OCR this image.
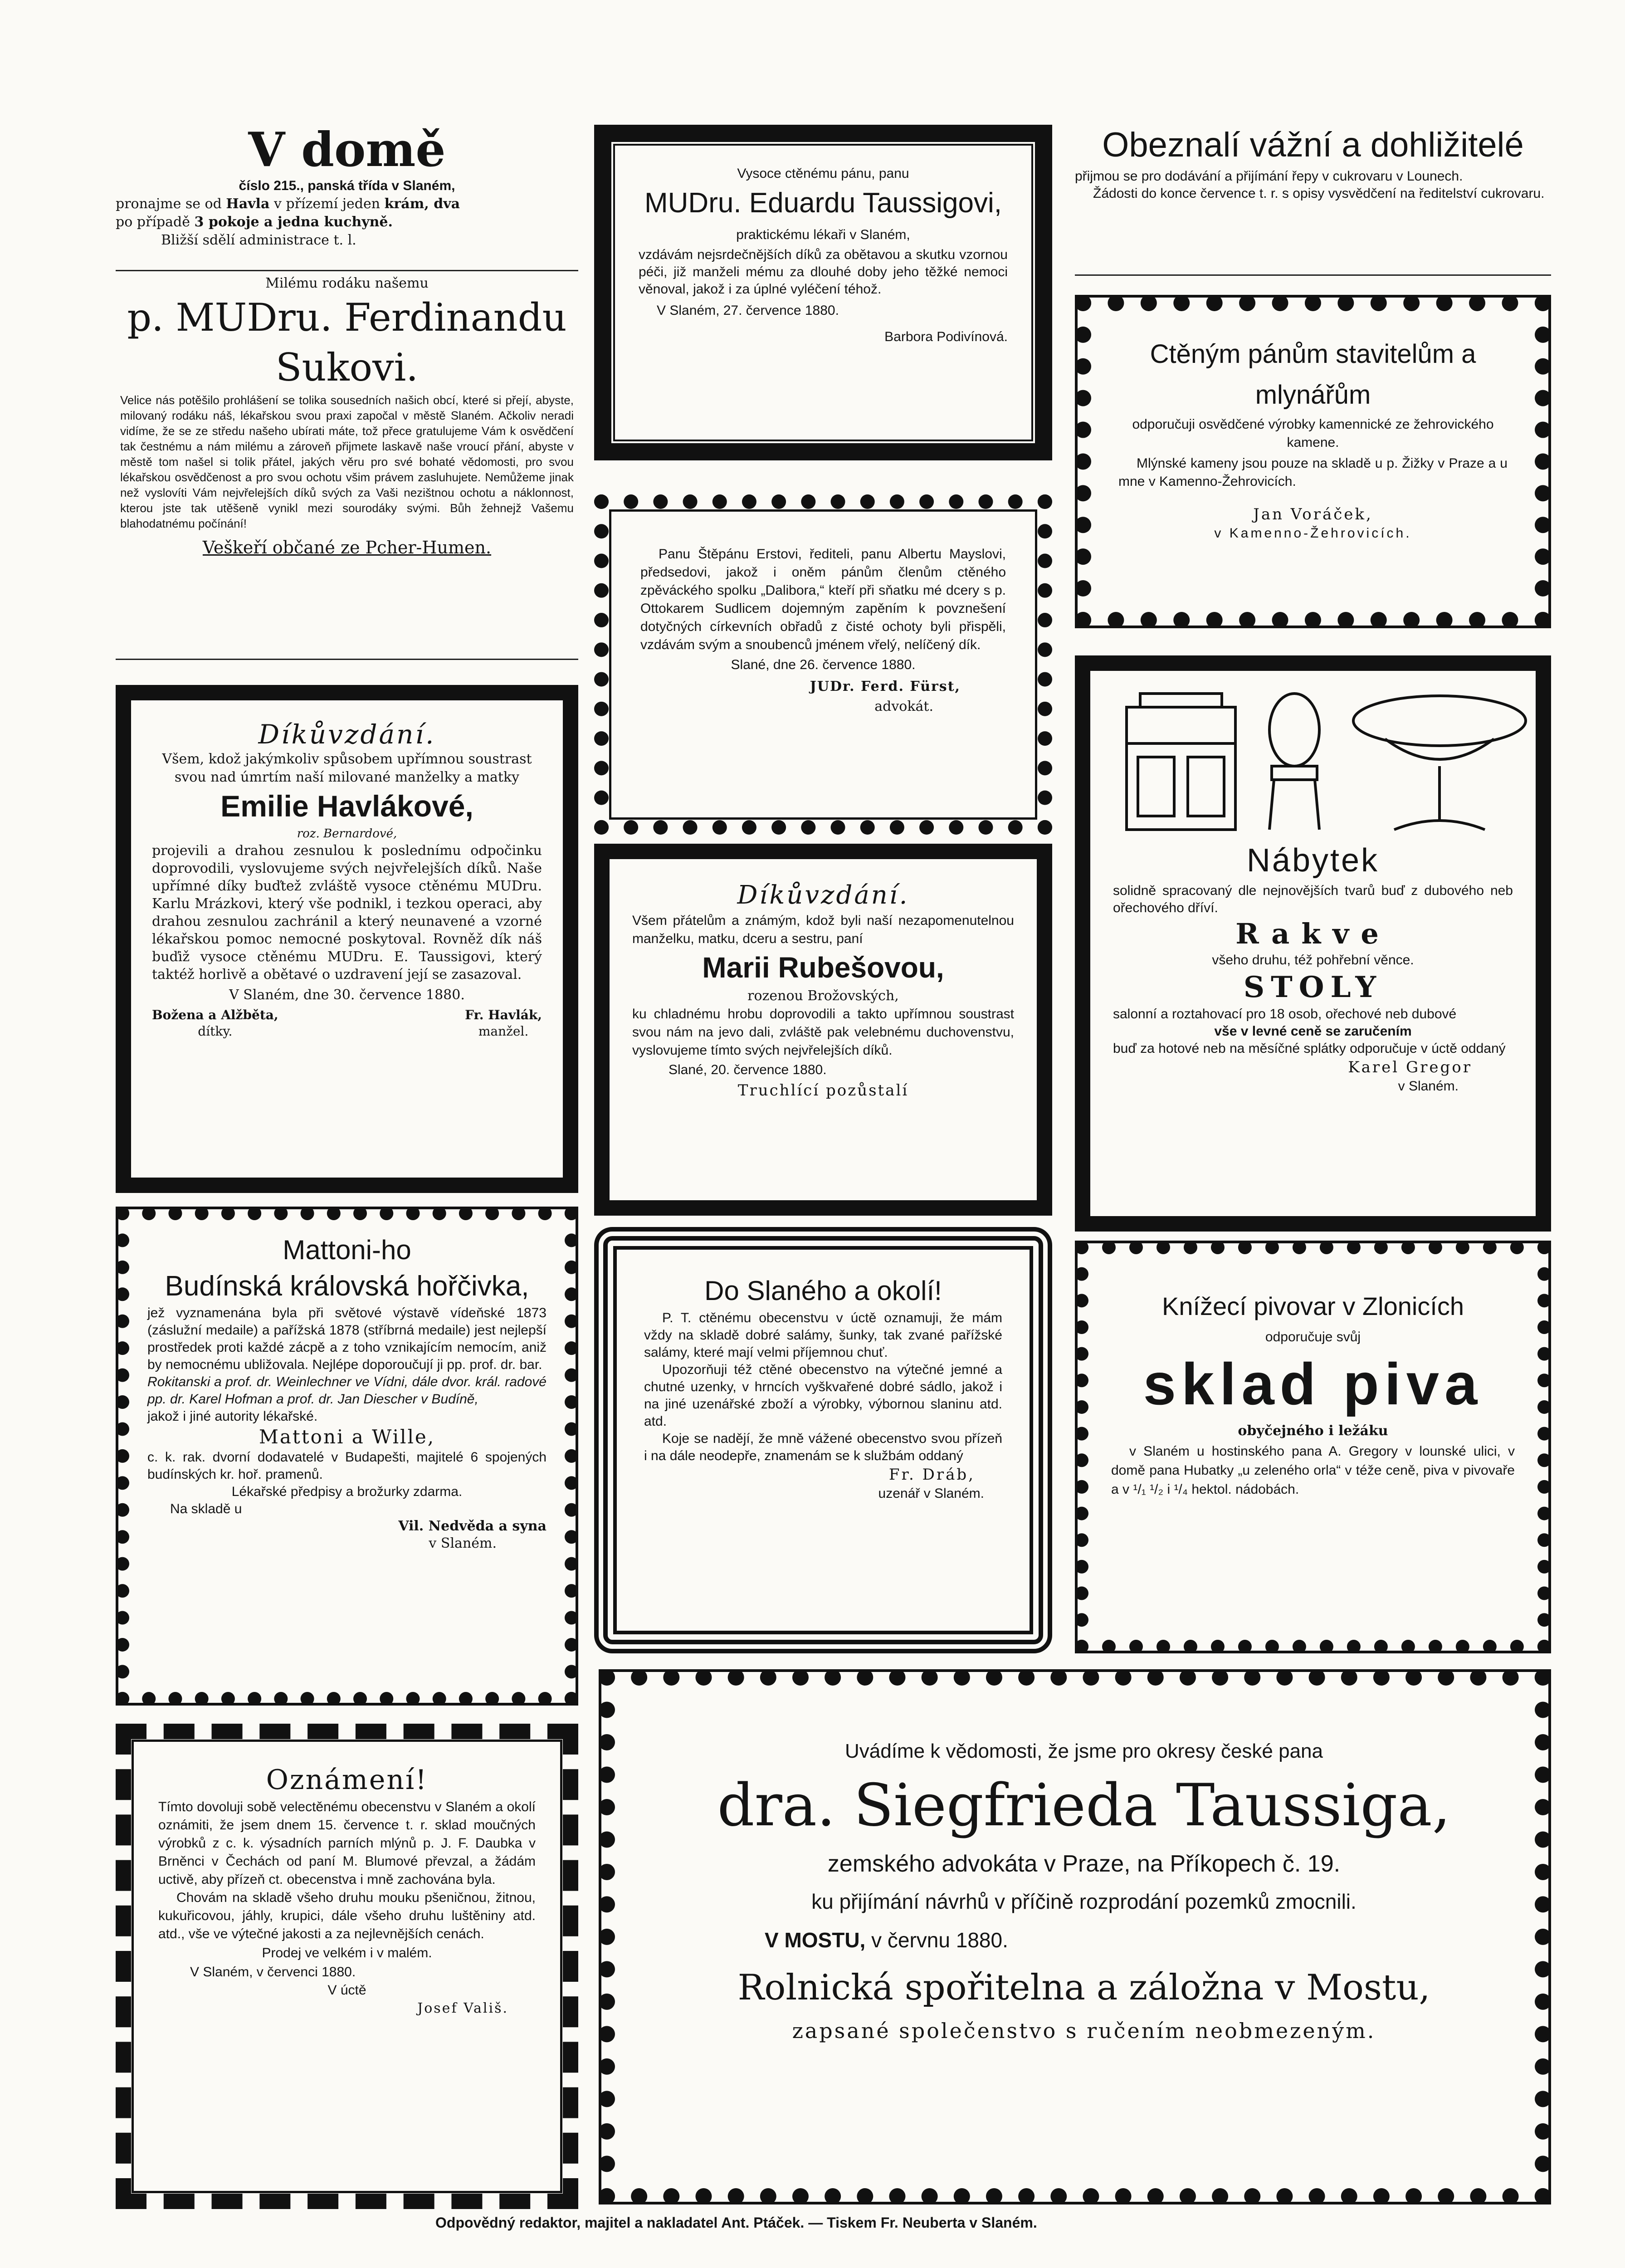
V domě

číslo 215., panská třída v Slaném,

pronajme se od Havla v přízemí jeden krám, dva

po případě 3 pokoje a jedna kuchyně.

Bližší sdělí administrace t. l.

Milému rodáku našemu
p. MUDru. Ferdinandu Sukovi.

Velice nás potěšilo prohlášení se tolika sousedních našich obcí, které si přejí, abyste, milovaný rodáku náš, lékařskou svou praxi započal v městě Slaném. Ačkoliv neradi vidíme, že se ze středu našeho ubírati máte, tož přece gratulujeme Vám k osvědčení tak čestnému a nám milému a zároveň přijmete laskavě naše vroucí přání, abyste v městě tom našel si tolik přátel, jakých věru pro své bohaté vědomosti, pro svou lékařskou osvědčenost a pro svou ochotu všim právem zasluhujete. Nemůžeme jinak než vyslovíti Vám nejvřelejších díků svých za Vaši nezištnou ochotu a náklonnost, kterou jste tak utěšeně vynikl mezi sourodáky svými. Bůh žehnejž Vašemu blahodatnému počínání!

Veškeří občané ze Pcher-Humen.
Díkůvzdání.

Všem, kdož jakýmkoliv spůsobem upřímnou soustrast svou nad úmrtím naší milované manželky a matky

Emilie Havlákové,

roz. Bernardové,

projevili a drahou zesnulou k poslednímu odpočinku doprovodili, vyslovujeme svých nejvřelejších díků. Naše upřímné díky buďtež zvláště vysoce ctěnému MUDru. Karlu Mrázkovi, který vše podnikl, i tezkou operaci, aby drahou zesnulou zachránil a který neunavené a vzorné lékařskou pomoc nemocné poskytoval. Rovněž dík náš buďiž vysoce ctěnému MUDru. E. Taussigovi, který taktéž horlivě a obětavé o uzdravení její se zasazoval.

V Slaném, dne 30. července 1880.

Božena a Alžběta,
dítky.
Fr. Havlák,
manžel.
Mattoni-ho
Budínská královská hořčivka,

jež vyznamenána byla při světové výstavě vídeňské 1873 (záslužní medaile) a pařížská 1878 (stříbrná medaile) jest nejlepší prostředek proti každé zácpě a z toho vznikajícím nemocím, aniž by nemocnému ubližovala. Nejlépe doporoučují ji pp. prof. dr. bar.

Rokitanski a prof. dr. Weinlechner ve Vídni, dále dvor. král. radové pp. dr. Karel Hofman a prof. dr. Jan Diescher v Budíně,

jakož i jiné autority lékařské.

Mattoni a Wille,

c. k. rak. dvorní dodavatelé v Budapešti, majitelé 6 spojených budínských kr. hoř. pramenů.

Lékařské předpisy a brožurky zdarma.

Na skladě u

Vil. Nedvěda a syna

v Slaném.

Oznámení!

Tímto dovoluji sobě velectěnému obecenstvu v Slaném a okolí oznámiti, že jsem dnem 15. července t. r. sklad moučných výrobků z c. k. výsadních parních mlýnů p. J. F. Daubka v Brněnci v Čechách od paní M. Blumové převzal, a žádám uctivě, aby přízeň ct. obecenstva i mně zachována byla.

Chovám na skladě všeho druhu mouku pšeničnou, žitnou, kukuřicovou, jáhly, krupici, dále všeho druhu luštěniny atd. atd., vše ve výtečné jakosti a za nejlevnějších cenách.

Prodej ve velkém i v malém.

V Slaném, v červenci 1880.

V úctě

Josef Vališ.

Vysoce ctěnému pánu, panu
MUDru. Eduardu Taussigovi,
praktickému lékaři v Slaném,

vzdávám nejsrdečnějších díků za obětavou a skutku vzornou péči, již manželi mému za dlouhé doby jeho těžké nemoci věnoval, jakož i za úplné vyléčení téhož.

V Slaném, 27. července 1880.

Barbora Podivínová.

Panu Štěpánu Erstovi, řediteli, panu Albertu Mayslovi, předsedovi, jakož i oněm pánům členům ctěného zpěváckého spolku „Dalibora,“ kteří při sňatku mé dcery s p. Ottokarem Sudlicem dojemným zapěním k povznešení dotyčných církevních obřadů z čisté ochoty byli přispěli, vzdávám svým a snoubenců jménem vřelý, nelíčený dík.

Slané, dne 26. července 1880.

JUDr. Ferd. Fürst,

advokát.

Díkůvzdání.

Všem přátelům a známým, kdož byli naší nezapomenutelnou manželku, matku, dceru a sestru, paní

Marii Rubešovou,

rozenou Brožovských,

ku chladnému hrobu doprovodili a takto upřímnou soustrast svou nám na jevo dali, zvláště pak velebnému duchovenstvu, vyslovujeme tímto svých nejvřelejších díků.

Slané, 20. července 1880.

Truchlící pozůstalí

Do Slaného a okolí!

P. T. ctěnému obecenstvu v úctě oznamuji, že mám vždy na skladě dobré salámy, šunky, tak zvané pařížské salámy, které mají velmi příjemnou chuť.

Upozorňuji též ctěné obecenstvo na výtečné jemné a chutné uzenky, v hrncích vyškvařené dobré sádlo, jakož i na jiné uzenářské zboží a výrobky, výbornou slaninu atd. atd.

Koje se nadějí, že mně vážené obecenstvo svou přízeň i na dále neodepře, znamenám se k službám oddaný

Fr. Dráb,

uzenář v Slaném.

Obeznalí vážní a dohližitelé

přijmou se pro dodávání a přijímání řepy v cukrovaru v Lounech.

Žádosti do konce července t. r. s opisy vysvědčení na ředitelství cukrovaru.

Ctěným pánům stavitelům a mlynářům

odporučuji osvědčené výrobky kamennické ze žehrovického kamene.

Mlýnské kameny jsou pouze na skladě u p. Žižky v Praze a u mne v Kamenno-Žehrovicích.

Jan Voráček,

v Kamenno-Žehrovicích.

Nábytek

solidně spracovaný dle nejnovějších tvarů buď z dubového neb ořechového dříví.

Rakve

všeho druhu, též pohřební věnce.

STOLY

salonní a roztahovací pro 18 osob, ořechové neb dubové

vše v levné ceně se zaručením

buď za hotové neb na měsíčné splátky odporučuje v úctě oddaný

Karel Gregor

v Slaném.

Knížecí pivovar v Zlonicích

odporučuje svůj

sklad piva

obyčejného i ležáku

v Slaném u hostinského pana A. Gregory v lounské ulici, v domě pana Hubatky „u zeleného orla“ v téže ceně, piva v pivovaře a v ¹/₁ ¹/₂ i ¹/₄ hektol. nádobách.

Uvádíme k vědomosti, že jsme pro okresy české pana

dra. Siegfrieda Taussiga,

zemského advokáta v Praze, na Příkopech č. 19.

ku přijímání návrhů v příčině rozprodání pozemků zmocnili.

V MOSTU, v červnu 1880.

Rolnická spořitelna a záložna v Mostu,

zapsané společenstvo s ručením neobmezeným.

Odpovědný redaktor, majitel a nakladatel Ant. Ptáček. — Tiskem Fr. Neuberta v Slaném.
